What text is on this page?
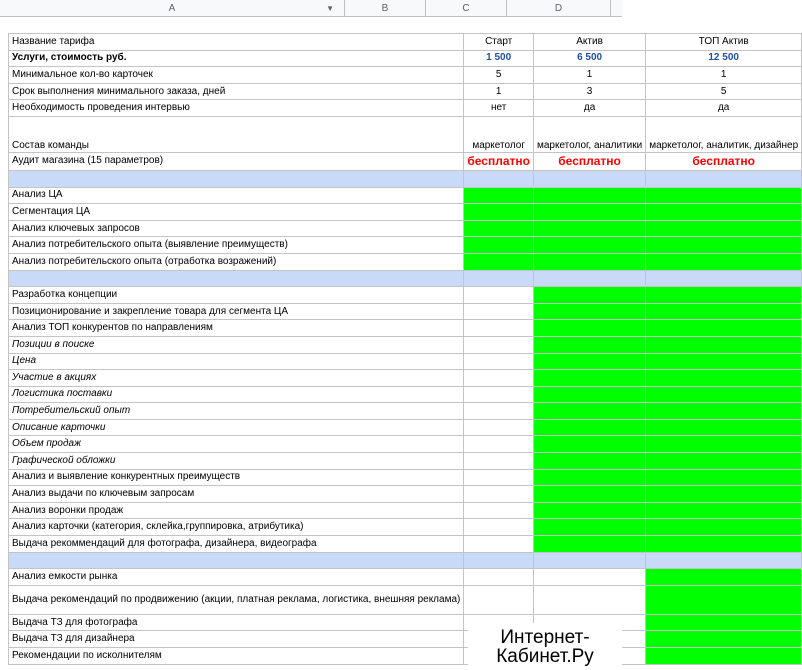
A	▼	B	C	D
Название тарифа	Старт	Актив	ТОП Актив
Услуги, стоимость руб.	1 500	6 500	12 500
Минимальное кол-во карточек	5	1	1
Срок выполнения минимального заказа, дней	1	3	5
Необходимость проведения интервью	нет	да	да
Состав команды	маркетолог	маркетолог, аналитики	маркетолог, аналитик, дизайнер
Аудит магазина (15 параметров)	бесплатно	бесплатно	бесплатно

Анализ ЦА			
Сегментация ЦА			
Анализ ключевых запросов			
Анализ потребительского опыта (выявление преимуществ)			
Анализ потребительского опыта (отработка возражений)			

Разработка концепции			
Позиционирование и закрепление товара для сегмента ЦА			
Анализ ТОП конкурентов по направлениям			
Позиции в поиске			
Цена			
Участие в акциях			
Логистика поставки			
Потребительский опыт			
Описание карточки			
Объем продаж			
Графической обложки			
Анализ и выявление конкурентных преимуществ			
Анализ выдачи по ключевым запросам			
Анализ воронки продаж			
Анализ карточки (категория, склейка,группировка, атрибутика)			
Выдача рекоммендаций для фотографа, дизайнера, видеографа			

Анализ емкости рынка			
Выдача рекомендаций по продвижению (акции, платная реклама, логистика, внешняя реклама)			
Выдача ТЗ для фотографа			
Выдача ТЗ для дизайнера			
Рекомендации по исколнителям			
Интернет-
Кабинет.Ру
